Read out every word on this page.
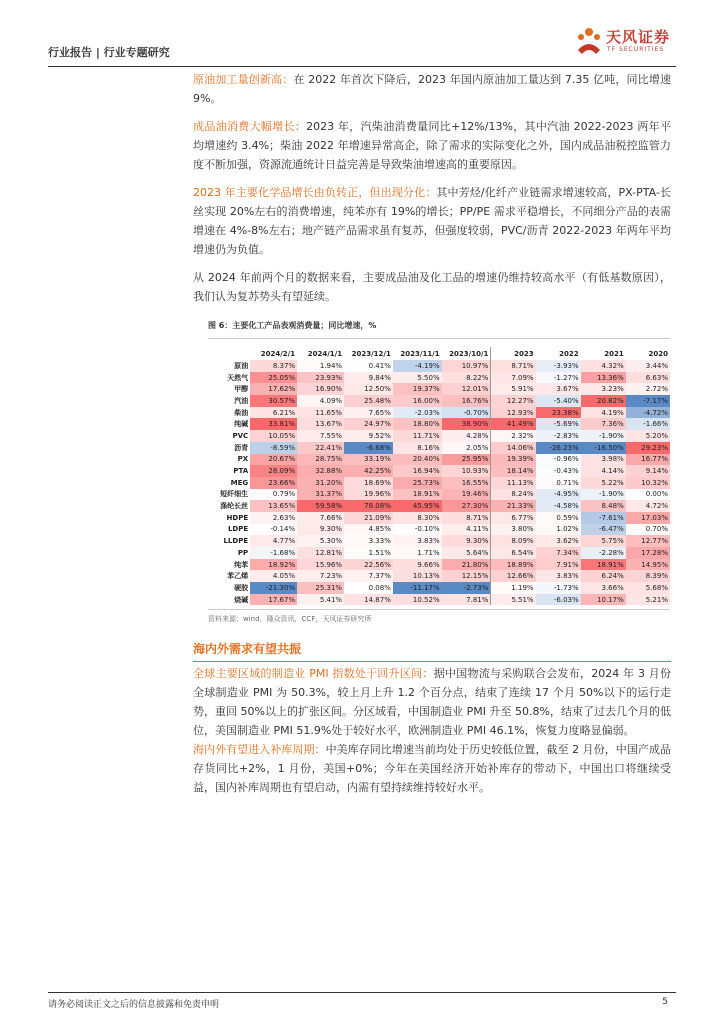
行业报告 | 行业专题研究
天风证券
TF SECURITIES

原油加工量创新高：在 2022 年首次下降后，2023 年国内原油加工量达到 7.35 亿吨，同比增速 9%。

成品油消费大幅增长：2023 年，汽柴油消费量同比+12%/13%，其中汽油 2022-2023 两年平均增速约 3.4%；柴油 2022 年增速异常高企，除了需求的实际变化之外，国内成品油税控监管力度不断加强，资源流通统计日益完善是导致柴油增速高的重要原因。

2023 年主要化学品增长由负转正，但出现分化：其中芳烃/化纤产业链需求增速较高，PX-PTA-长丝实现 20%左右的消费增速，纯苯亦有 19%的增长；PP/PE 需求平稳增长，不同细分产品的表需增速在 4%-8%左右；地产链产品需求虽有复苏，但强度较弱，PVC/沥青 2022-2023 年两年平均增速仍为负值。

从 2024 年前两个月的数据来看，主要成品油及化工品的增速仍维持较高水平（有低基数原因），我们认为复苏势头有望延续。

图 6：主要化工产品表观消费量；同比增速，%
	2024/2/1	2024/1/1	2023/12/1	2023/11/1	2023/10/1	2023	2022	2021	2020
原油	8.37%	1.94%	0.41%	-4.19%	10.97%	8.71%	-3.93%	4.32%	3.44%
天然气	25.05%	23.93%	9.84%	5.50%	8.22%	7.09%	-1.27%	13.36%	6.63%
甲醇	17.62%	16.90%	12.50%	19.37%	12.01%	5.91%	3.67%	3.23%	2.72%
汽油	30.57%	4.09%	25.48%	16.00%	16.76%	12.27%	-5.40%	20.82%	-7.17%
柴油	6.21%	11.65%	7.65%	-2.03%	-0.70%	12.93%	23.38%	4.19%	-4.72%
纯碱	33.81%	13.67%	24.97%	18.80%	38.90%	41.49%	-5.69%	7.36%	-1.66%
PVC	10.05%	7.55%	9.52%	11.71%	4.28%	2.32%	-2.83%	-1.90%	5.20%
沥青	-8.59%	22.41%	-6.68%	8.16%	2.05%	14.06%	-26.23%	-16.50%	29.23%
PX	20.67%	28.75%	33.19%	20.40%	25.95%	19.39%	-0.96%	3.98%	16.77%
PTA	28.09%	32.88%	42.25%	16.94%	10.93%	18.14%	-0.43%	4.14%	9.14%
MEG	23.66%	31.20%	18.69%	25.73%	16.55%	11.13%	0.71%	5.22%	10.32%
短纤细生	0.79%	31.37%	19.96%	18.91%	19.46%	8.24%	-4.95%	-1.90%	0.00%
涤纶长丝	13.65%	59.58%	78.08%	45.95%	27.30%	21.33%	-4.58%	8.48%	4.72%
HDPE	2.63%	7.66%	21.09%	8.30%	8.71%	6.77%	0.59%	-7.61%	17.03%
LDPE	-0.14%	9.30%	4.85%	-0.10%	4.11%	3.80%	1.02%	-6.47%	0.70%
LLDPE	4.77%	5.30%	3.33%	3.83%	9.30%	8.09%	3.62%	5.75%	12.77%
PP	-1.68%	12.81%	1.51%	1.71%	5.64%	6.54%	7.34%	-2.28%	17.28%
纯苯	18.92%	15.96%	22.56%	9.66%	21.80%	18.89%	7.91%	18.91%	14.95%
苯乙烯	4.05%	7.23%	7.37%	10.13%	12.15%	12.66%	3.83%	6.24%	8.39%
硬胶	-21.30%	25.31%	0.08%	-11.17%	-2.73%	1.19%	-1.73%	3.66%	5.68%
烧碱	17.67%	5.41%	14.87%	10.52%	7.81%	5.51%	-6.03%	10.17%	5.21%
资料来源：wind，隆众资讯，CCF，天风证券研究所
海内外需求有望共振

全球主要区域的制造业 PMI 指数处于回升区间：据中国物流与采购联合会发布，2024 年 3 月份全球制造业 PMI 为 50.3%，较上月上升 1.2 个百分点，结束了连续 17 个月 50%以下的运行走势，重回 50%以上的扩张区间。分区域看，中国制造业 PMI 升至 50.8%，结束了过去几个月的低位，美国制造业 PMI 51.9%处于较好水平，欧洲制造业 PMI 46.1%，恢复力度略显偏弱。

海内外有望进入补库周期：中美库存同比增速当前均处于历史较低位置，截至 2 月份，中国产成品存货同比+2%，1 月份，美国+0%；今年在美国经济开始补库存的带动下，中国出口将继续受益，国内补库周期也有望启动，内需有望持续维持较好水平。

请务必阅读正文之后的信息披露和免责申明	5
